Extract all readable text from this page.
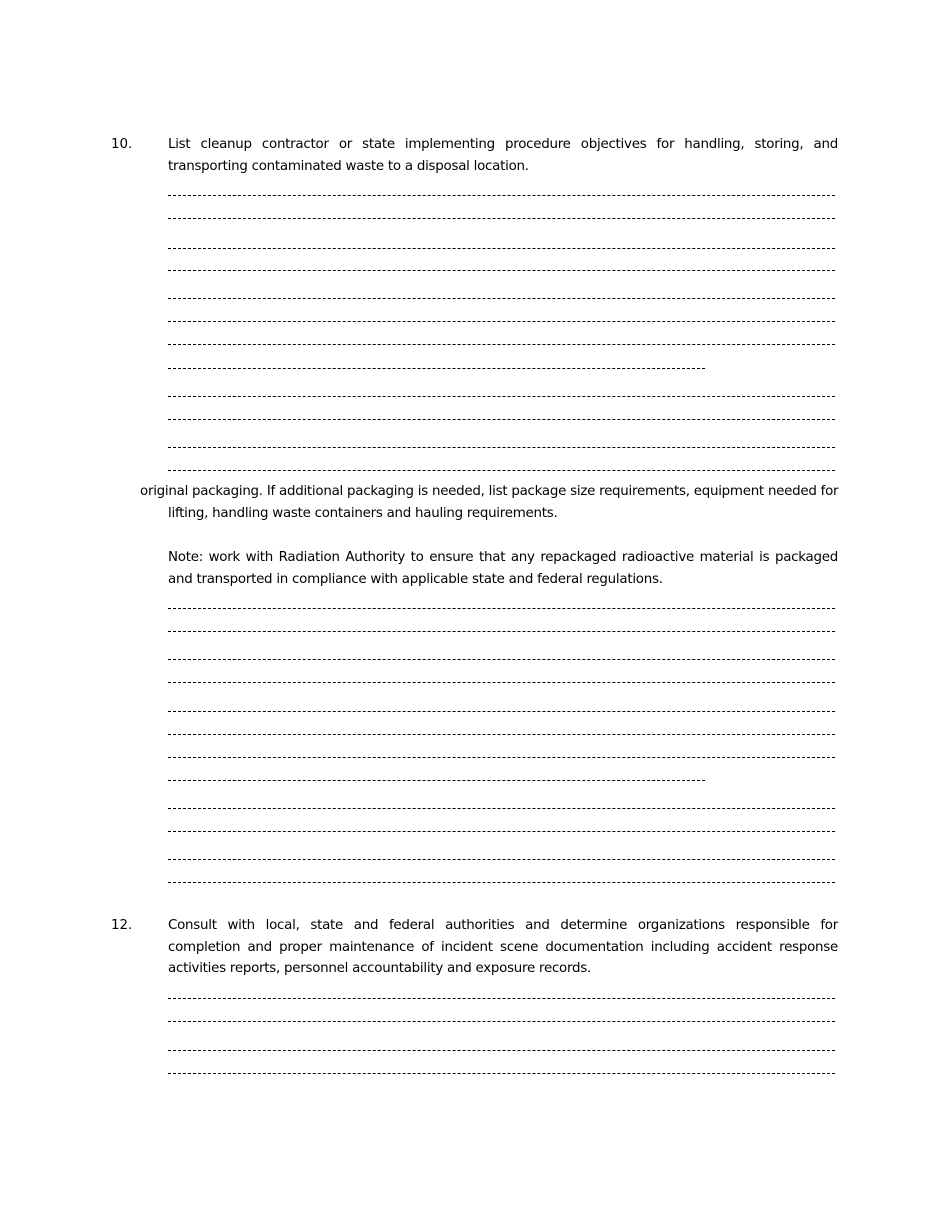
10.	List cleanup contractor or state implementing procedure objectives for handling, storing, and transporting contaminated waste to a disposal location.
original packaging. If additional packaging is needed, list package size requirements, equipment needed for
lifting, handling waste containers and hauling requirements.
Note: work with Radiation Authority to ensure that any repackaged radioactive material is packaged and transported in compliance with applicable state and federal regulations.
12.	Consult with local, state and federal authorities and determine organizations responsible for completion and proper maintenance of incident scene documentation including accident response activities reports, personnel accountability and exposure records.
